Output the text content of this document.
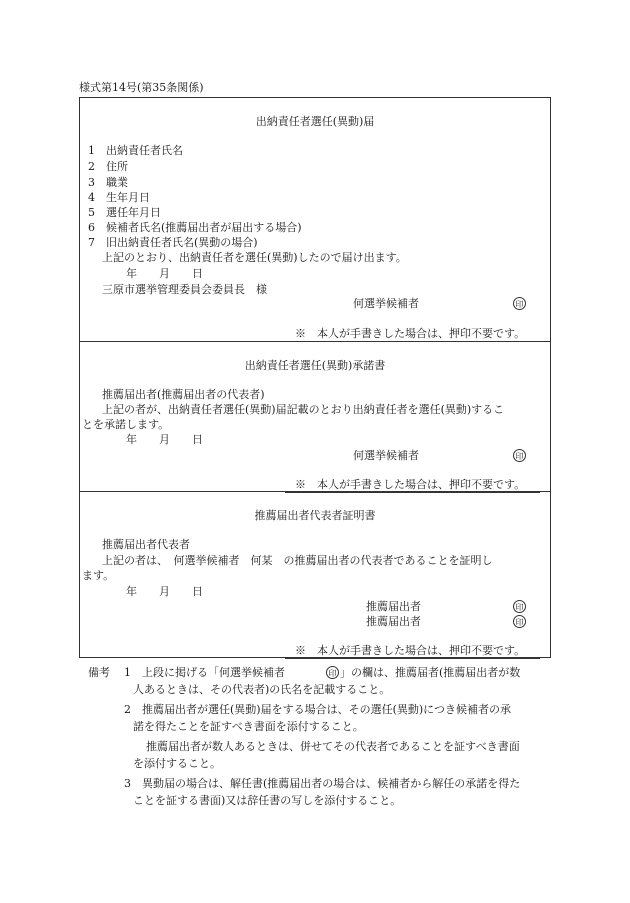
様式第14号(第35条関係)
出納責任者選任(異動)届
1　出納責任者氏名
2　住所
3　職業
4　生年月日
5　選任年月日
6　候補者氏名(推薦届出者が届出する場合)
7　旧出納責任者氏名(異動の場合)
上記のとおり、出納責任者を選任(異動)したので届け出ます。
年　　月　　日
三原市選挙管理委員会委員長　様
何選挙候補者	印
※　本人が手書きした場合は、押印不要です。
出納責任者選任(異動)承諾書
推薦届出者(推薦届出者の代表者)
上記の者が、出納責任者選任(異動)届記載のとおり出納責任者を選任(異動)するこ
とを承諾します。
年　　月　　日
何選挙候補者	印
※　本人が手書きした場合は、押印不要です。
推薦届出者代表者証明書
推薦届出者代表者
上記の者は、　何選挙候補者　何某　の推薦届出者の代表者であることを証明し
ます。
年　　月　　日
推薦届出者	印
推薦届出者	印
※　本人が手書きした場合は、押印不要です。
備考 1　上段に掲げる「何選挙候補者	印 」の欄は、推薦届者(推薦届出者が数
人あるときは、その代表者)の氏名を記載すること。
2　推薦届出者が選任(異動)届をする場合は、その選任(異動)につき候補者の承
諾を得たことを証すべき書面を添付すること。
推薦届出者が数人あるときは、併せてその代表者であることを証すべき書面
を添付すること。
3　異動届の場合は、解任書(推薦届出者の場合は、候補者から解任の承諾を得た
ことを証する書面)又は辞任書の写しを添付すること。
